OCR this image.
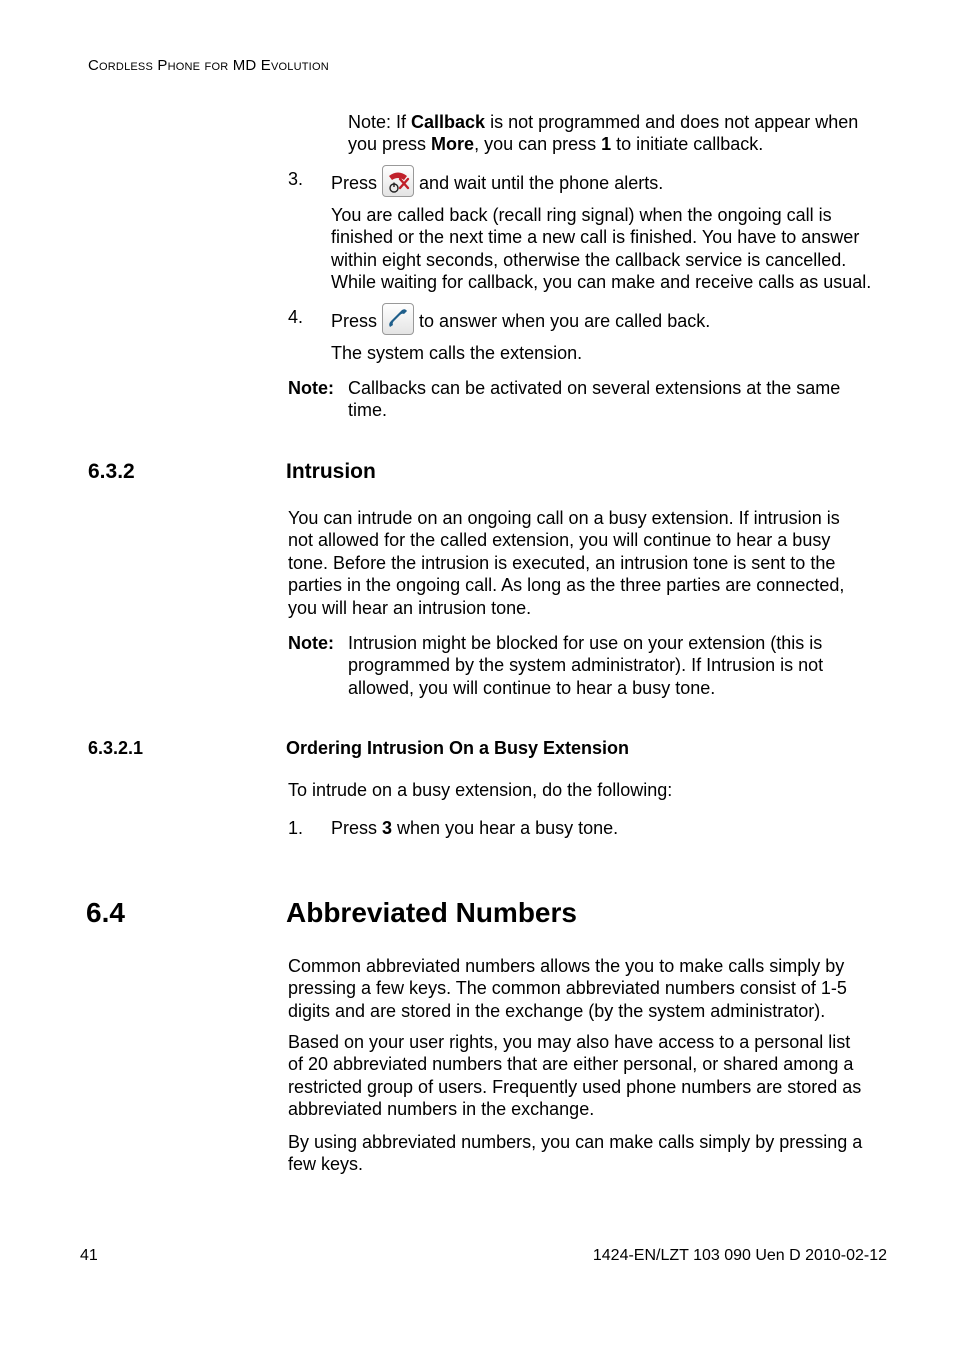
Cordless Phone for MD Evolution
Note: If Callback is not programmed and does not appear when
you press More, you can press 1 to initiate callback.
3. Press and wait until the phone alerts.
You are called back (recall ring signal) when the ongoing call is
finished or the next time a new call is finished. You have to answer
within eight seconds, otherwise the callback service is cancelled.
While waiting for callback, you can make and receive calls as usual.
4. Press to answer when you are called back.
The system calls the extension.
Note: Callbacks can be activated on several extensions at the same
time.
6.3.2	Intrusion
You can intrude on an ongoing call on a busy extension. If intrusion is
not allowed for the called extension, you will continue to hear a busy
tone. Before the intrusion is executed, an intrusion tone is sent to the
parties in the ongoing call. As long as the three parties are connected,
you will hear an intrusion tone.
Note: Intrusion might be blocked for use on your extension (this is
programmed by the system administrator). If Intrusion is not
allowed, you will continue to hear a busy tone.
6.3.2.1	Ordering Intrusion On a Busy Extension
To intrude on a busy extension, do the following:
1. Press 3 when you hear a busy tone.
6.4	Abbreviated Numbers
Common abbreviated numbers allows the you to make calls simply by
pressing a few keys. The common abbreviated numbers consist of 1-5
digits and are stored in the exchange (by the system administrator).
Based on your user rights, you may also have access to a personal list
of 20 abbreviated numbers that are either personal, or shared among a
restricted group of users. Frequently used phone numbers are stored as
abbreviated numbers in the exchange.
By using abbreviated numbers, you can make calls simply by pressing a
few keys.
41	1424-EN/LZT 103 090 Uen D 2010-02-12
